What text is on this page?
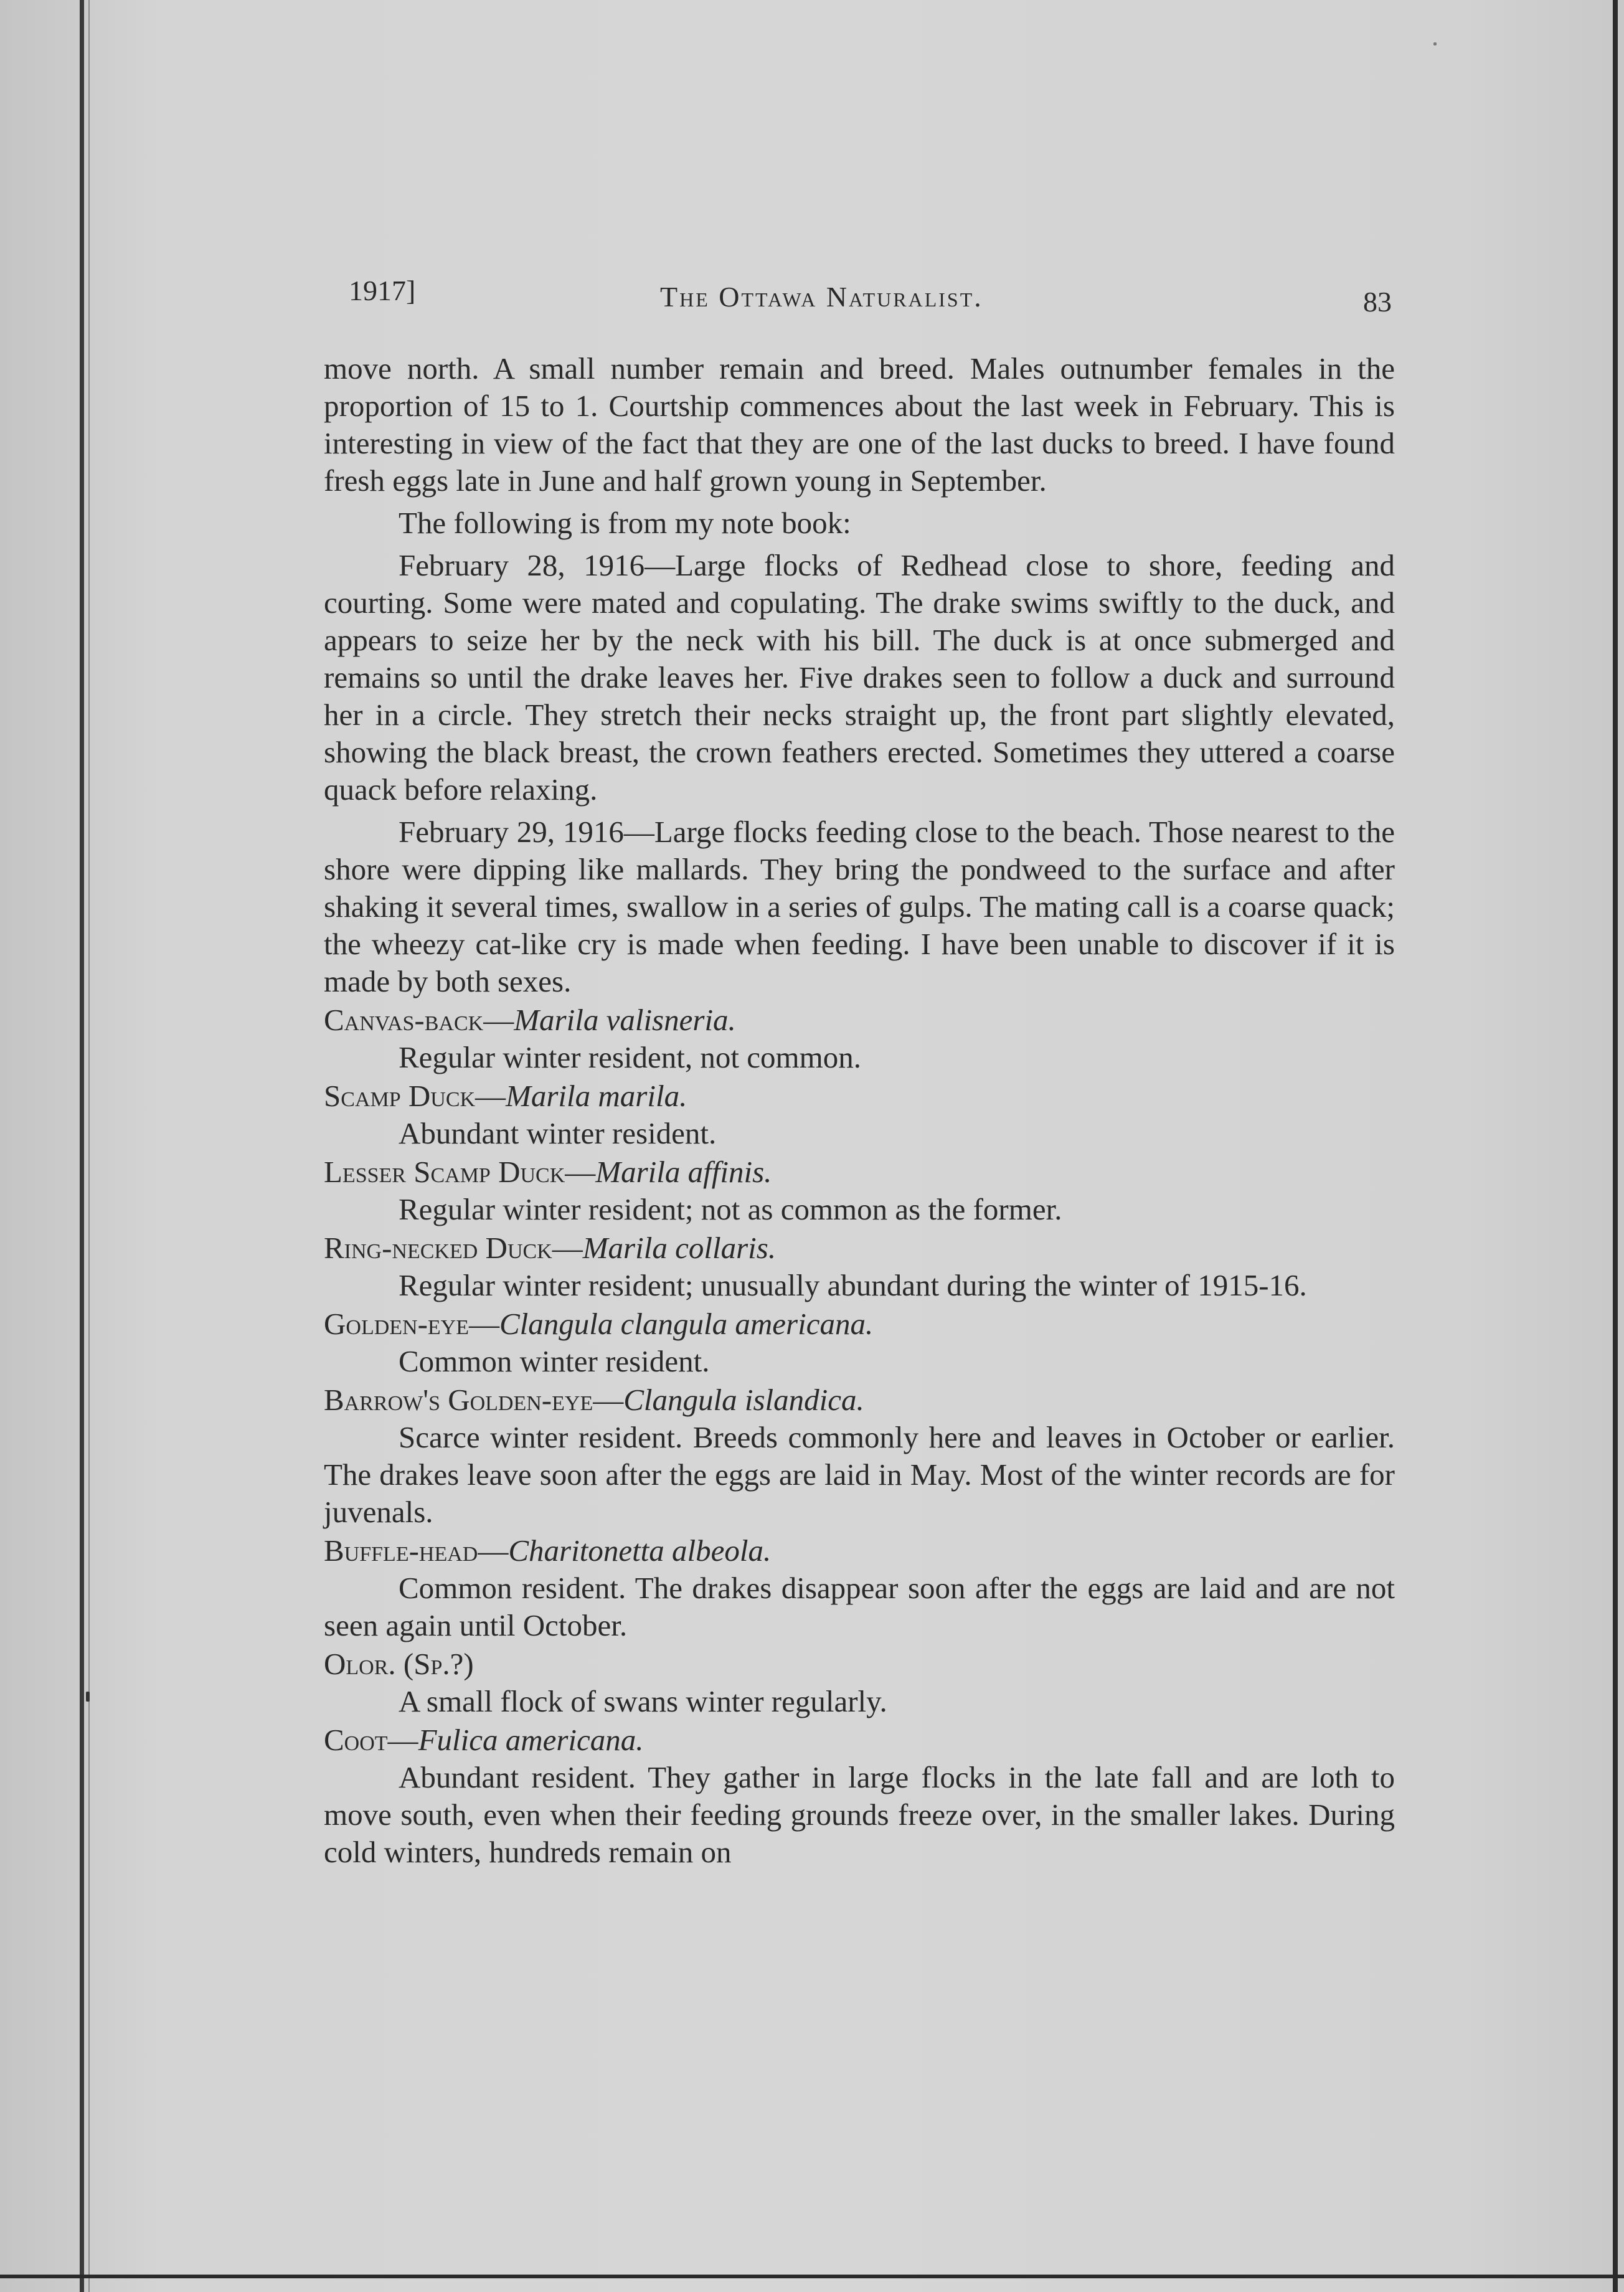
1917]	The Ottawa Naturalist.	83

move north. A small number remain and breed. Males outnumber females in the proportion of 15 to 1. Courtship commences about the last week in February. This is interesting in view of the fact that they are one of the last ducks to breed. I have found fresh eggs late in June and half grown young in September.

The following is from my note book:

February 28, 1916—Large flocks of Redhead close to shore, feeding and courting. Some were mated and copulating. The drake swims swiftly to the duck, and appears to seize her by the neck with his bill. The duck is at once submerged and remains so until the drake leaves her. Five drakes seen to follow a duck and surround her in a circle. They stretch their necks straight up, the front part slightly elevated, showing the black breast, the crown feathers erected. Sometimes they uttered a coarse quack before relaxing.

February 29, 1916—Large flocks feeding close to the beach. Those nearest to the shore were dipping like mallards. They bring the pondweed to the surface and after shaking it several times, swallow in a series of gulps. The mating call is a coarse quack; the wheezy cat-like cry is made when feeding. I have been unable to discover if it is made by both sexes.

Canvas-back—Marila valisneria.

Regular winter resident, not common.

Scamp Duck—Marila marila.

Abundant winter resident.

Lesser Scamp Duck—Marila affinis.

Regular winter resident; not as common as the former.

Ring-necked Duck—Marila collaris.

Regular winter resident; unusually abundant during the winter of 1915-16.

Golden-eye—Clangula clangula americana.

Common winter resident.

Barrow's Golden-eye—Clangula islandica.

Scarce winter resident. Breeds commonly here and leaves in October or earlier. The drakes leave soon after the eggs are laid in May. Most of the winter records are for juvenals.

Buffle-head—Charitonetta albeola.

Common resident. The drakes disappear soon after the eggs are laid and are not seen again until October.

Olor. (Sp.?)

A small flock of swans winter regularly.

Coot—Fulica americana.

Abundant resident. They gather in large flocks in the late fall and are loth to move south, even when their feeding grounds freeze over, in the smaller lakes. During cold winters, hundreds remain on
